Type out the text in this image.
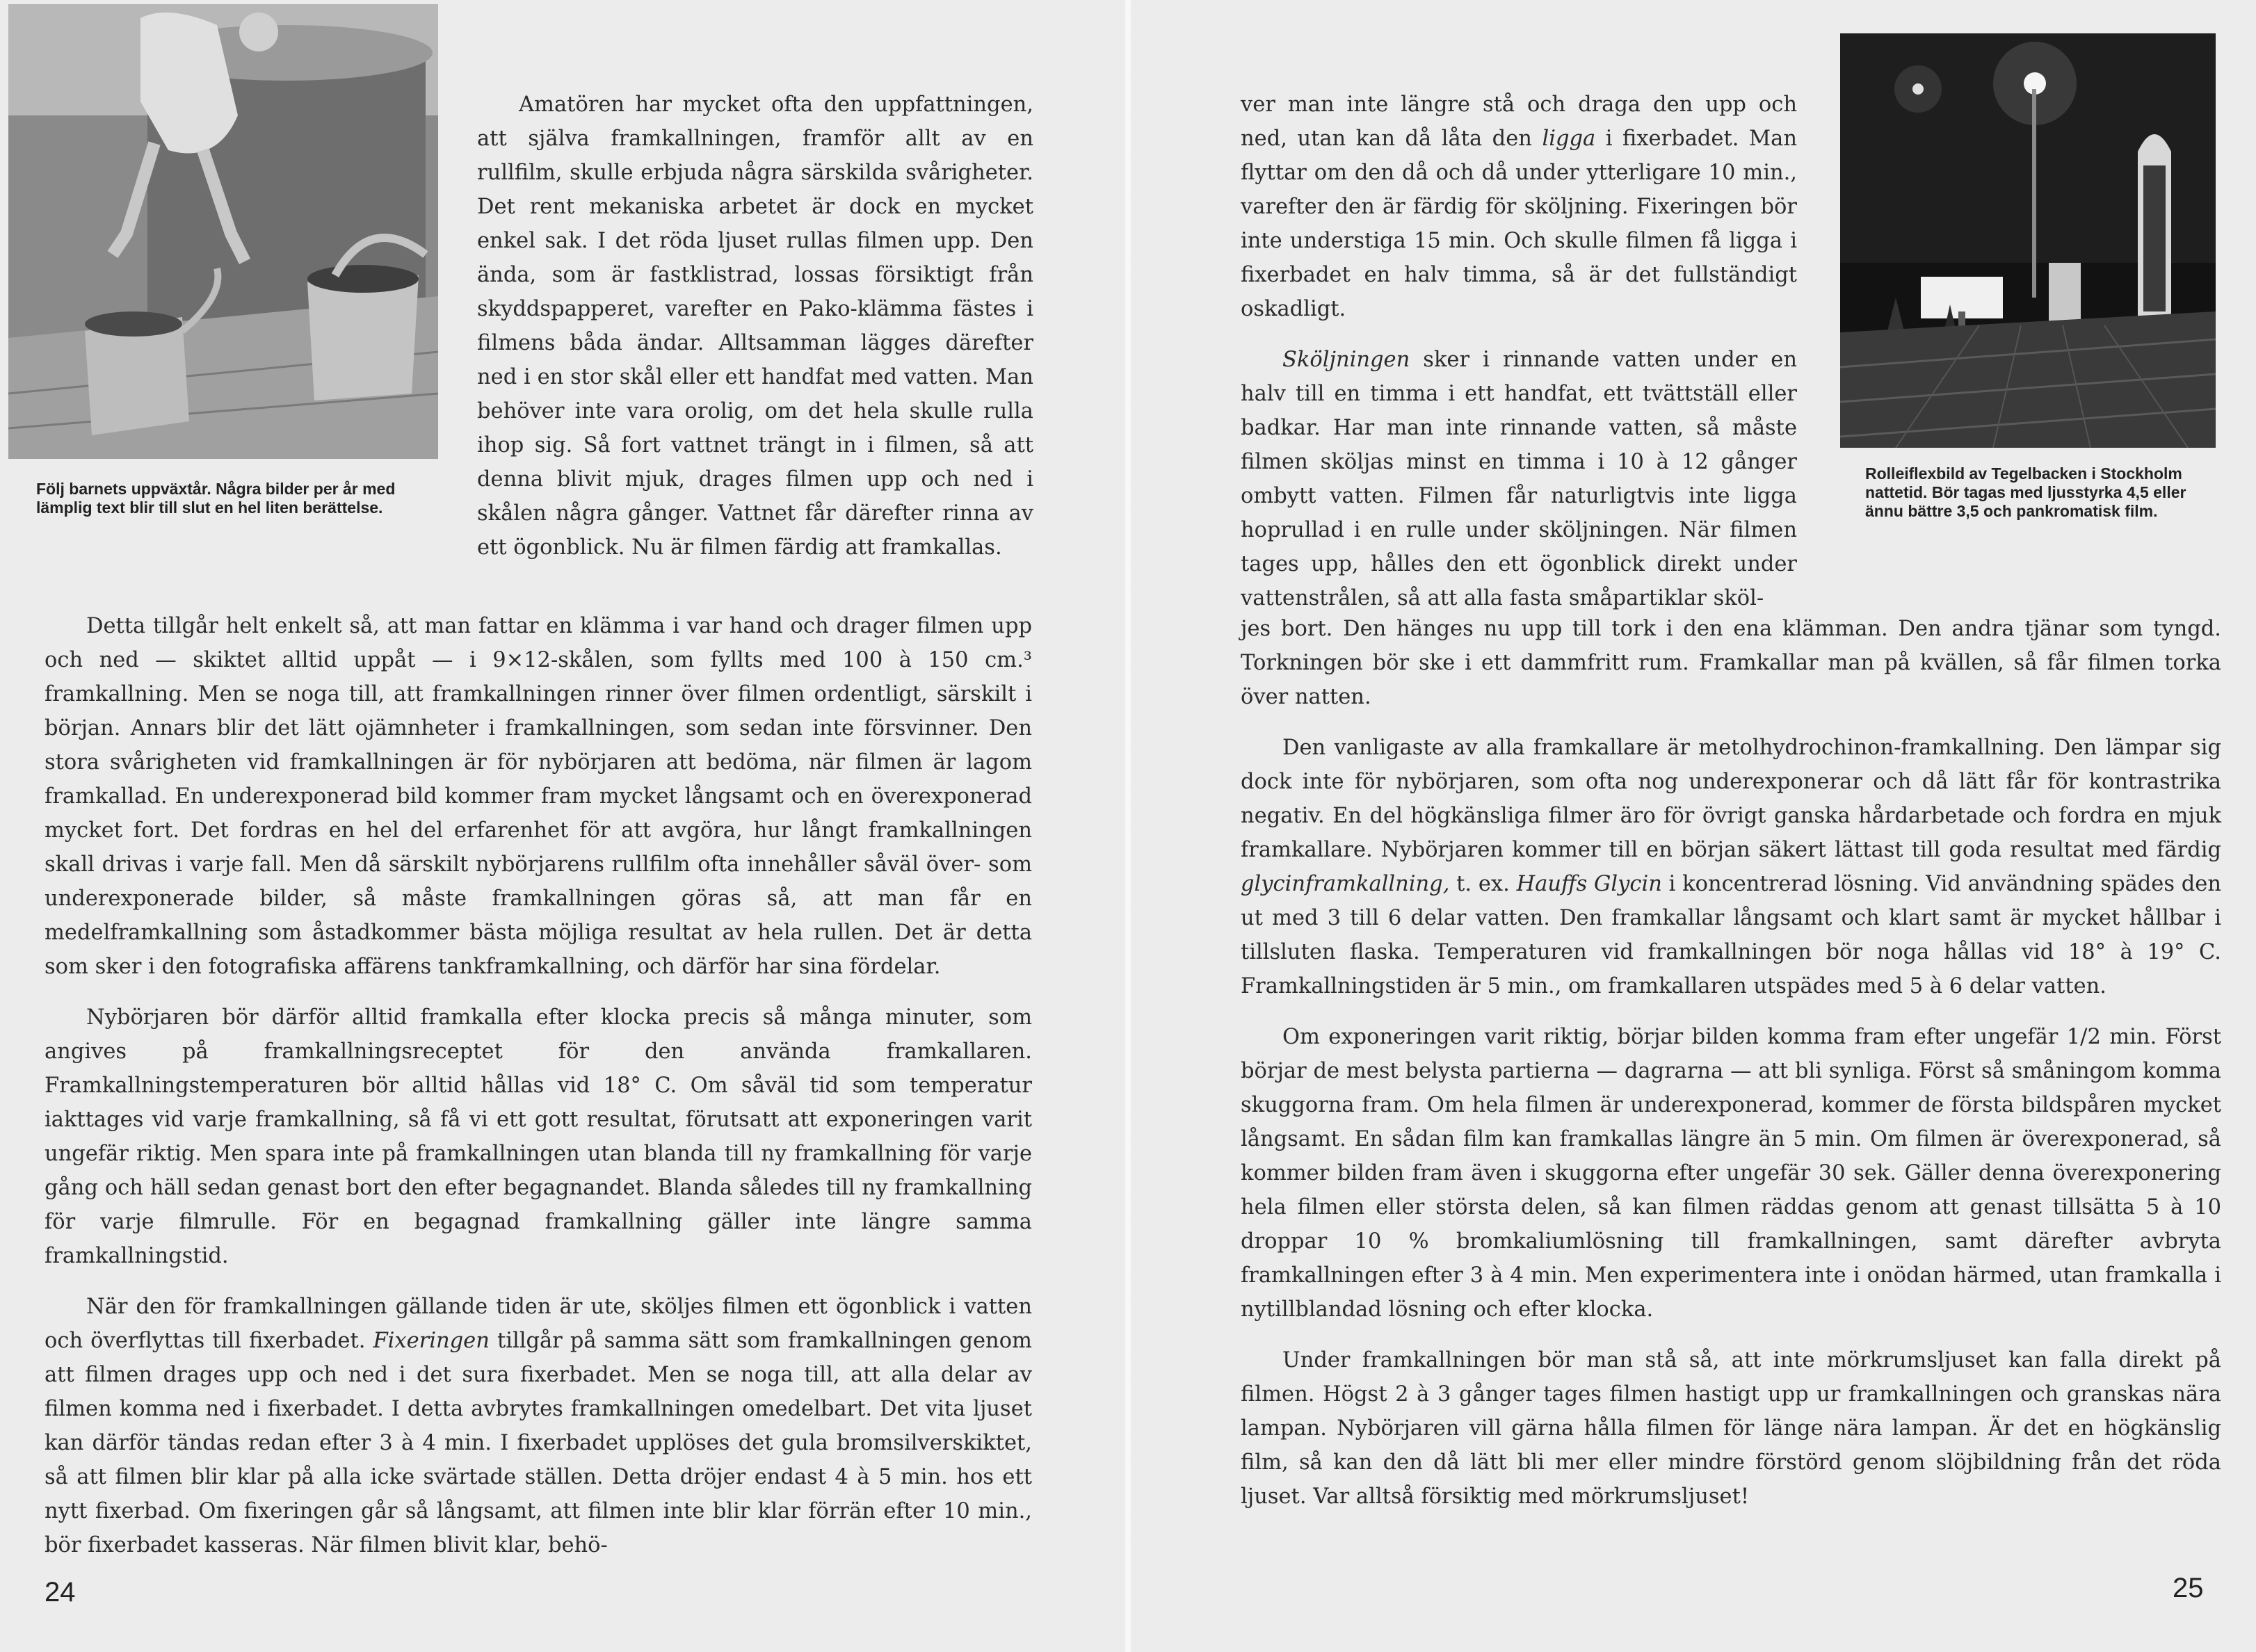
Följ barnets uppväxtår. Några bilder per år med lämplig text blir till slut en hel liten berättelse.

Amatören har mycket ofta den uppfattningen, att själva framkallningen, framför allt av en rullfilm, skulle erbjuda några särskilda svårigheter. Det rent mekaniska arbetet är dock en mycket enkel sak. I det röda ljuset rullas filmen upp. Den ända, som är fastklistrad, lossas försiktigt från skyddspapperet, varefter en Pako-klämma fästes i filmens båda ändar. Alltsamman lägges därefter ned i en stor skål eller ett handfat med vatten. Man behöver inte vara orolig, om det hela skulle rulla ihop sig. Så fort vattnet trängt in i filmen, så att denna blivit mjuk, drages filmen upp och ned i skålen några gånger. Vattnet får därefter rinna av ett ögonblick. Nu är filmen färdig att framkallas.

Detta tillgår helt enkelt så, att man fattar en klämma i var hand och drager filmen upp och ned — skiktet alltid uppåt — i 9×12-skålen, som fyllts med 100 à 150 cm.³ framkallning. Men se noga till, att framkallningen rinner över filmen ordentligt, särskilt i början. Annars blir det lätt ojämnheter i framkallningen, som sedan inte försvinner. Den stora svårigheten vid framkallningen är för nybörjaren att bedöma, när filmen är lagom framkallad. En underexponerad bild kommer fram mycket långsamt och en överexponerad mycket fort. Det fordras en hel del erfarenhet för att avgöra, hur långt framkallningen skall drivas i varje fall. Men då särskilt nybörjarens rullfilm ofta innehåller såväl över- som underexponerade bilder, så måste framkallningen göras så, att man får en medelframkallning som åstadkommer bästa möjliga resultat av hela rullen. Det är detta som sker i den fotografiska affärens tankframkallning, och därför har sina fördelar.

Nybörjaren bör därför alltid framkalla efter klocka precis så många minuter, som angives på framkallningsreceptet för den använda framkallaren. Framkallningstemperaturen bör alltid hållas vid 18° C. Om såväl tid som temperatur iakttages vid varje framkallning, så få vi ett gott resultat, förutsatt att exponeringen varit ungefär riktig. Men spara inte på framkallningen utan blanda till ny framkallning för varje gång och häll sedan genast bort den efter begagnandet. Blanda således till ny framkallning för varje filmrulle. För en begagnad framkallning gäller inte längre samma framkallningstid.

När den för framkallningen gällande tiden är ute, sköljes filmen ett ögonblick i vatten och överflyttas till fixerbadet. Fixeringen tillgår på samma sätt som framkallningen genom att filmen drages upp och ned i det sura fixerbadet. Men se noga till, att alla delar av filmen komma ned i fixerbadet. I detta avbrytes framkallningen omedelbart. Det vita ljuset kan därför tändas redan efter 3 à 4 min. I fixerbadet upplöses det gula bromsilverskiktet, så att filmen blir klar på alla icke svärtade ställen. Detta dröjer endast 4 à 5 min. hos ett nytt fixerbad. Om fixeringen går så långsamt, att filmen inte blir klar förrän efter 10 min., bör fixerbadet kasseras. När filmen blivit klar, behö-

24

ver man inte längre stå och draga den upp och ned, utan kan då låta den ligga i fixerbadet. Man flyttar om den då och då under ytterligare 10 min., varefter den är färdig för sköljning. Fixeringen bör inte understiga 15 min. Och skulle filmen få ligga i fixerbadet en halv timma, så är det fullständigt oskadligt.

Sköljningen sker i rinnande vatten under en halv till en timma i ett handfat, ett tvättställ eller badkar. Har man inte rinnande vatten, så måste filmen sköljas minst en timma i 10 à 12 gånger ombytt vatten. Filmen får naturligtvis inte ligga hoprullad i en rulle under sköljningen. När filmen tages upp, hålles den ett ögonblick direkt under vattenstrålen, så att alla fasta småpartiklar sköl-

Rolleiflexbild av Tegelbacken i Stockholm nattetid. Bör tagas med ljusstyrka 4,5 eller ännu bättre 3,5 och pankromatisk film.

jes bort. Den hänges nu upp till tork i den ena klämman. Den andra tjänar som tyngd. Torkningen bör ske i ett dammfritt rum. Framkallar man på kvällen, så får filmen torka över natten.

Den vanligaste av alla framkallare är metolhydrochinon-framkallning. Den lämpar sig dock inte för nybörjaren, som ofta nog underexponerar och då lätt får för kontrastrika negativ. En del högkänsliga filmer äro för övrigt ganska hårdarbetade och fordra en mjuk framkallare. Nybörjaren kommer till en början säkert lättast till goda resultat med färdig glycinframkallning, t. ex. Hauffs Glycin i koncentrerad lösning. Vid användning spädes den ut med 3 till 6 delar vatten. Den framkallar långsamt och klart samt är mycket hållbar i tillsluten flaska. Temperaturen vid framkallningen bör noga hållas vid 18° à 19° C. Framkallningstiden är 5 min., om framkallaren utspädes med 5 à 6 delar vatten.

Om exponeringen varit riktig, börjar bilden komma fram efter ungefär 1/2 min. Först börjar de mest belysta partierna — dagrarna — att bli synliga. Först så småningom komma skuggorna fram. Om hela filmen är underexponerad, kommer de första bildspåren mycket långsamt. En sådan film kan framkallas längre än 5 min. Om filmen är överexponerad, så kommer bilden fram även i skuggorna efter ungefär 30 sek. Gäller denna överexponering hela filmen eller största delen, så kan filmen räddas genom att genast tillsätta 5 à 10 droppar 10 % bromkaliumlösning till framkallningen, samt därefter avbryta framkallningen efter 3 à 4 min. Men experimentera inte i onödan härmed, utan framkalla i nytillblandad lösning och efter klocka.

Under framkallningen bör man stå så, att inte mörkrumsljuset kan falla direkt på filmen. Högst 2 à 3 gånger tages filmen hastigt upp ur framkallningen och granskas nära lampan. Nybörjaren vill gärna hålla filmen för länge nära lampan. Är det en högkänslig film, så kan den då lätt bli mer eller mindre förstörd genom slöjbildning från det röda ljuset. Var alltså försiktig med mörkrumsljuset!

25
